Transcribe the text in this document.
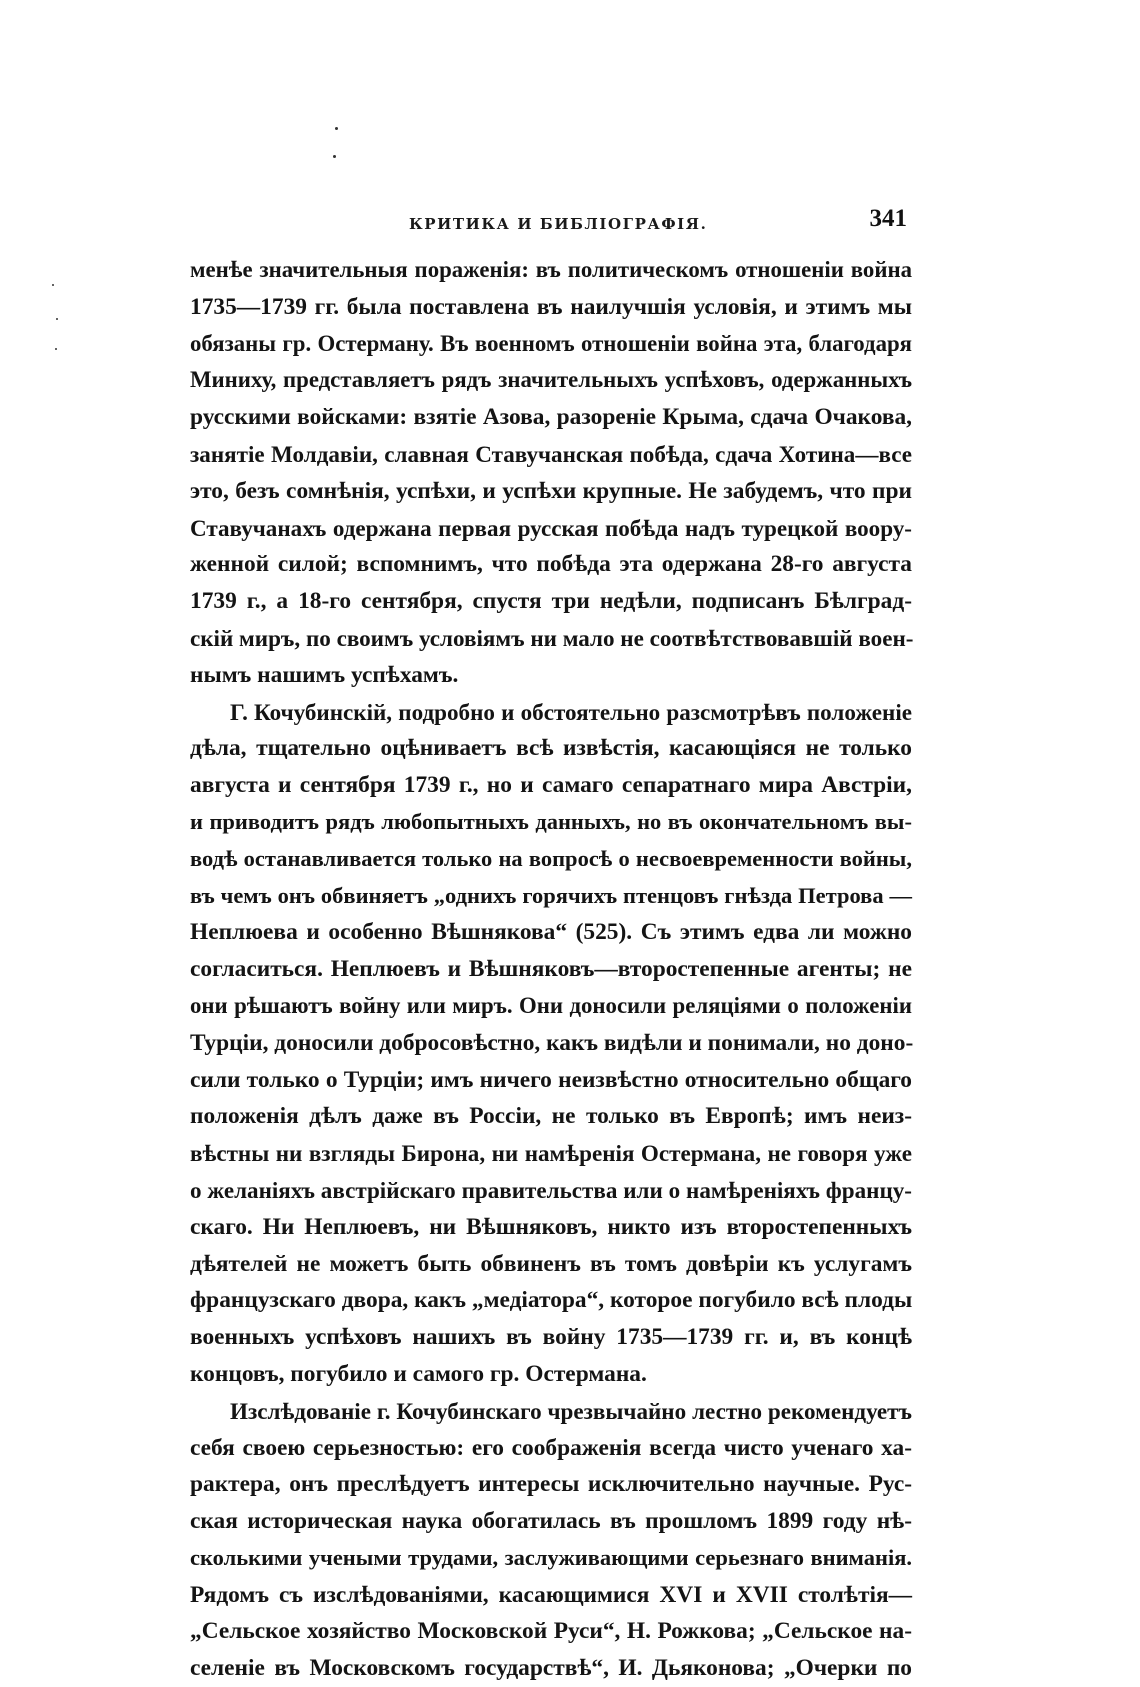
КРИТИКА И БИБЛІОГРАФІЯ.	341
менѣе значительныя пораженія: въ политическомъ отношеніи война
1735—1739 гг. была поставлена въ наилучшія условія, и этимъ мы
обязаны гр. Остерману. Въ военномъ отношеніи война эта, благодаря
Миниху, представляетъ рядъ значительныхъ успѣховъ, одержанныхъ
русскими войсками: взятіе Азова, разореніе Крыма, сдача Очакова,
занятіе Молдавіи, славная Ставучанская побѣда, сдача Хотина—все
это, безъ сомнѣнія, успѣхи, и успѣхи крупные. Не забудемъ, что при
Ставучанахъ одержана первая русская побѣда надъ турецкой воору-
женной силой; вспомнимъ, что побѣда эта одержана 28-го августа
1739 г., а 18-го сентября, спустя три недѣли, подписанъ Бѣлград-
скій миръ, по своимъ условіямъ ни мало не соотвѣтствовавшій воен-
нымъ нашимъ успѣхамъ.
Г. Кочубинскій, подробно и обстоятельно разсмотрѣвъ положеніе
дѣла, тщательно оцѣниваетъ всѣ извѣстія, касающіяся не только
августа и сентября 1739 г., но и самаго сепаратнаго мира Австріи,
и приводитъ рядъ любопытныхъ данныхъ, но въ окончательномъ вы-
водѣ останавливается только на вопросѣ о несвоевременности войны,
въ чемъ онъ обвиняетъ „однихъ горячихъ птенцовъ гнѣзда Петрова —
Неплюева и особенно Вѣшнякова“ (525). Съ этимъ едва ли можно
согласиться. Неплюевъ и Вѣшняковъ—второстепенные агенты; не
они рѣшаютъ войну или миръ. Они доносили реляціями о положеніи
Турціи, доносили добросовѣстно, какъ видѣли и понимали, но доно-
сили только о Турціи; имъ ничего неизвѣстно относительно общаго
положенія дѣлъ даже въ Россіи, не только въ Европѣ; имъ неиз-
вѣстны ни взгляды Бирона, ни намѣренія Остермана, не говоря уже
о желаніяхъ австрійскаго правительства или о намѣреніяхъ францу-
скаго. Ни Неплюевъ, ни Вѣшняковъ, никто изъ второстепенныхъ
дѣятелей не можетъ быть обвиненъ въ томъ довѣріи къ услугамъ
французскаго двора, какъ „медіатора“, которое погубило всѣ плоды
военныхъ успѣховъ нашихъ въ войну 1735—1739 гг. и, въ концѣ
концовъ, погубило и самого гр. Остермана.
Изслѣдованіе г. Кочубинскаго чрезвычайно лестно рекомендуетъ
себя своею серьезностью: его соображенія всегда чисто ученаго ха-
рактера, онъ преслѣдуетъ интересы исключительно научные. Рус-
ская историческая наука обогатилась въ прошломъ 1899 году нѣ-
сколькими учеными трудами, заслуживающими серьезнаго вниманія.
Рядомъ съ изслѣдованіями, касающимися XVI и XVII столѣтія—
„Сельское хозяйство Московской Руси“, Н. Рожкова; „Сельское на-
селеніе въ Московскомъ государствѣ“, И. Дьяконова; „Очерки по
